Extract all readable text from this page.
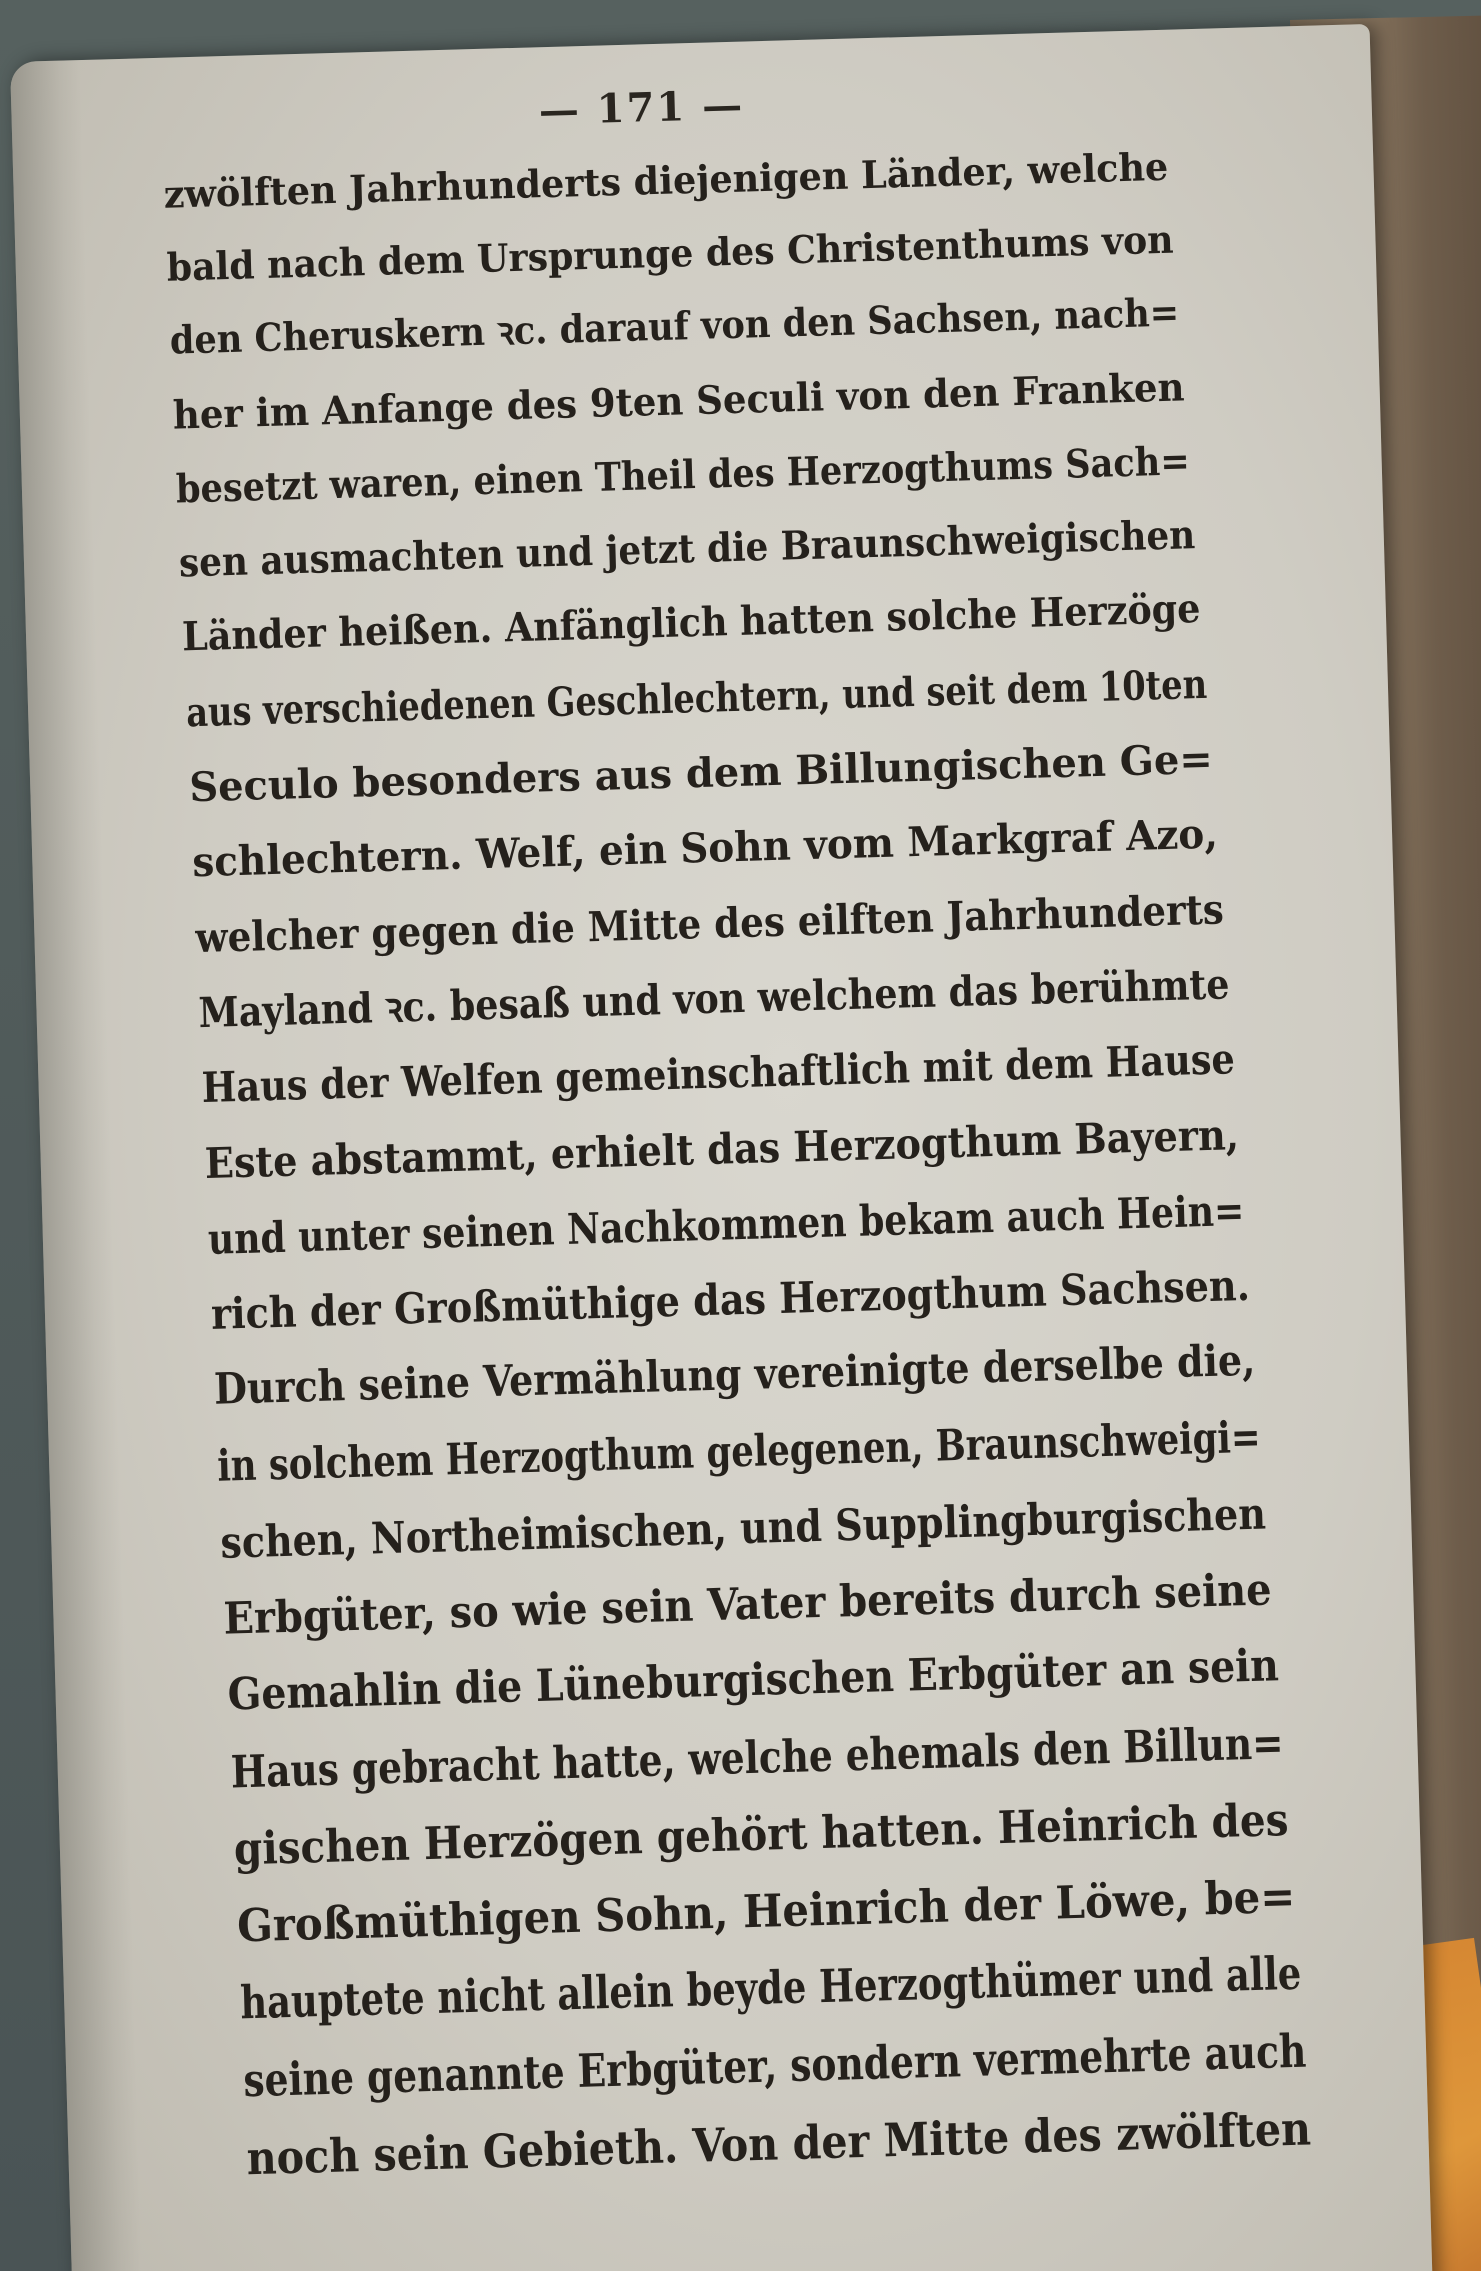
— 171 —
zwölften Jahrhunderts diejenigen Länder, welche
bald nach dem Ursprunge des Christenthums von
den Cheruskern ꝛc. darauf von den Sachsen, nach=
her im Anfange des 9ten Seculi von den Franken
besetzt waren, einen Theil des Herzogthums Sach=
sen ausmachten und jetzt die Braunschweigischen
Länder heißen. Anfänglich hatten solche Herzöge
aus verschiedenen Geschlechtern, und seit dem 10ten
Seculo besonders aus dem Billungischen Ge=
schlechtern. Welf, ein Sohn vom Markgraf Azo,
welcher gegen die Mitte des eilften Jahrhunderts
Mayland ꝛc. besaß und von welchem das berühmte
Haus der Welfen gemeinschaftlich mit dem Hause
Este abstammt, erhielt das Herzogthum Bayern,
und unter seinen Nachkommen bekam auch Hein=
rich der Großmüthige das Herzogthum Sachsen.
Durch seine Vermählung vereinigte derselbe die,
in solchem Herzogthum gelegenen, Braunschweigi=
schen, Northeimischen, und Supplingburgischen
Erbgüter, so wie sein Vater bereits durch seine
Gemahlin die Lüneburgischen Erbgüter an sein
Haus gebracht hatte, welche ehemals den Billun=
gischen Herzögen gehört hatten. Heinrich des
Großmüthigen Sohn, Heinrich der Löwe, be=
hauptete nicht allein beyde Herzogthümer und alle
seine genannte Erbgüter, sondern vermehrte auch
noch sein Gebieth. Von der Mitte des zwölften
